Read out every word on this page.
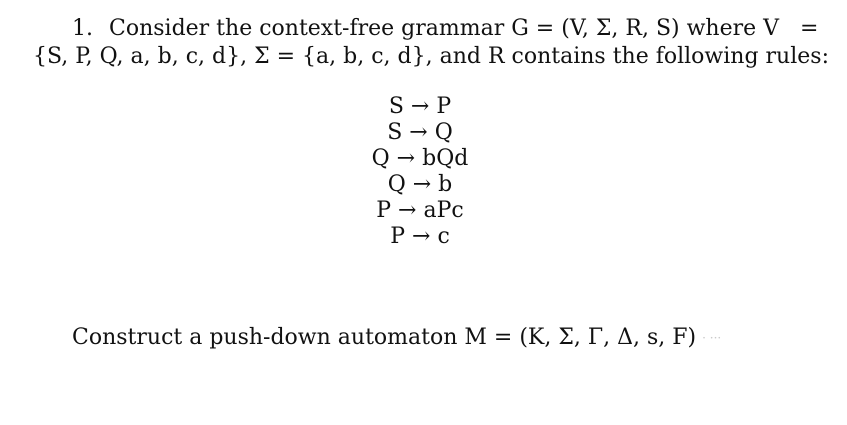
1. Consider the context-free grammar G = (V, Σ, R, S) where V =
{S, P, Q, a, b, c, d}, Σ = {a, b, c, d}, and R contains the following rules:
S → P
S → Q
Q → bQd
Q → b
P → aPc
P → c
Construct a push-down automaton M = (K, Σ, Γ, Δ, s, F) · ···
